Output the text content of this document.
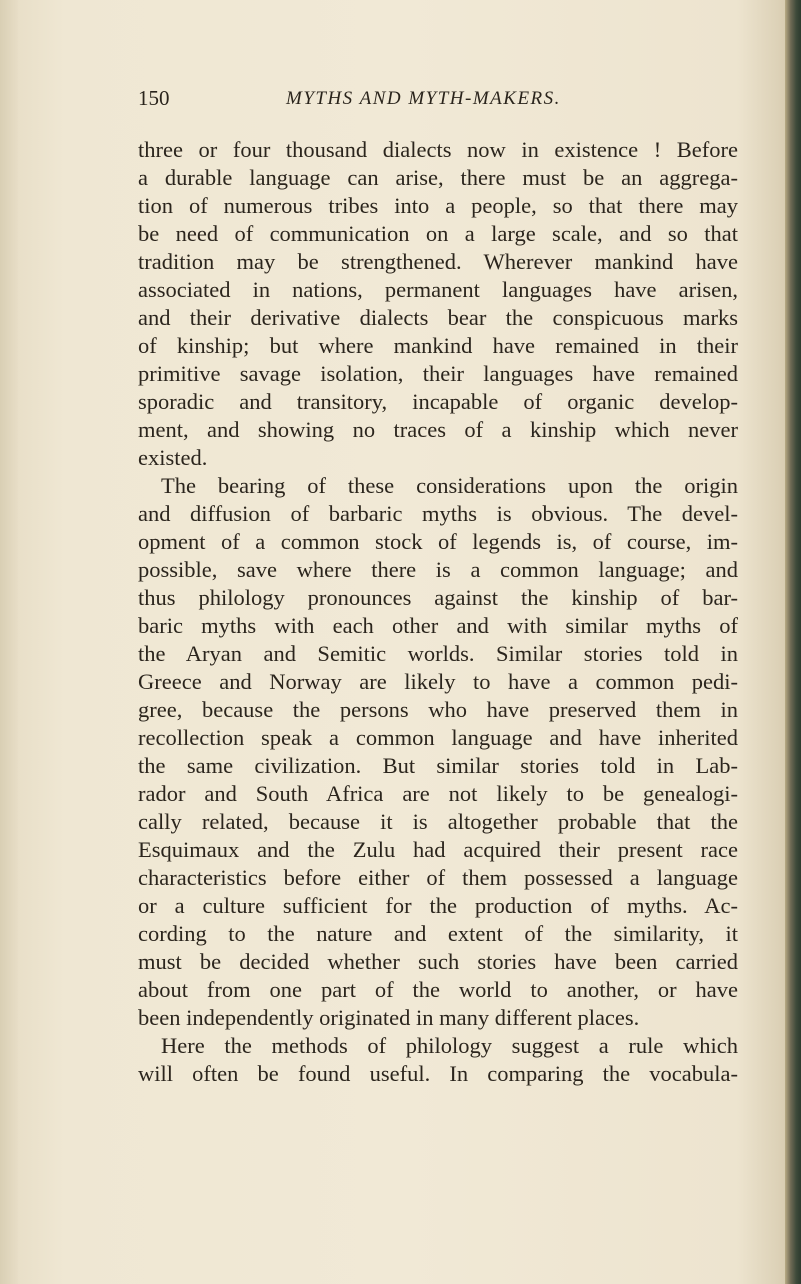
150	MYTHS AND MYTH-MAKERS.
three or four thousand dialects now in existence ! Before
a durable language can arise, there must be an aggrega-
tion of numerous tribes into a people, so that there may
be need of communication on a large scale, and so that
tradition may be strengthened. Wherever mankind have
associated in nations, permanent languages have arisen,
and their derivative dialects bear the conspicuous marks
of kinship; but where mankind have remained in their
primitive savage isolation, their languages have remained
sporadic and transitory, incapable of organic develop-
ment, and showing no traces of a kinship which never
existed.
The bearing of these considerations upon the origin
and diffusion of barbaric myths is obvious. The devel-
opment of a common stock of legends is, of course, im-
possible, save where there is a common language; and
thus philology pronounces against the kinship of bar-
baric myths with each other and with similar myths of
the Aryan and Semitic worlds. Similar stories told in
Greece and Norway are likely to have a common pedi-
gree, because the persons who have preserved them in
recollection speak a common language and have inherited
the same civilization. But similar stories told in Lab-
rador and South Africa are not likely to be genealogi-
cally related, because it is altogether probable that the
Esquimaux and the Zulu had acquired their present race
characteristics before either of them possessed a language
or a culture sufficient for the production of myths. Ac-
cording to the nature and extent of the similarity, it
must be decided whether such stories have been carried
about from one part of the world to another, or have
been independently originated in many different places.
Here the methods of philology suggest a rule which
will often be found useful. In comparing the vocabula-
